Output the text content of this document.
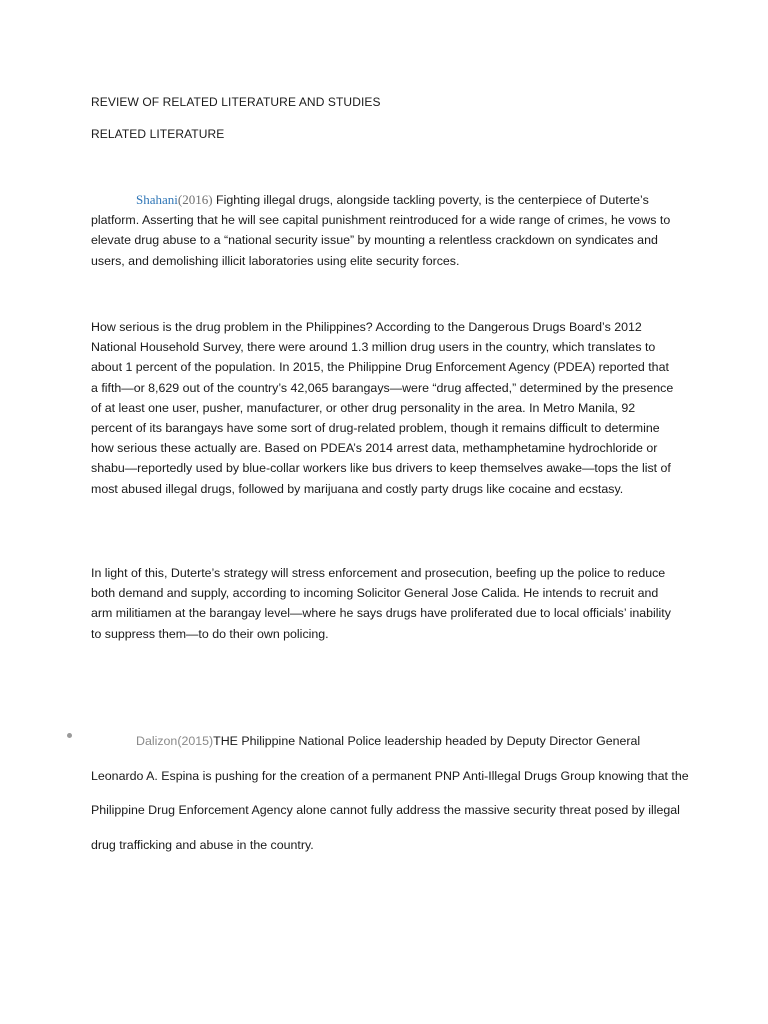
REVIEW OF RELATED LITERATURE AND STUDIES
RELATED LITERATURE
Shahani(2016) Fighting illegal drugs, alongside tackling poverty, is the centerpiece of Duterte’s platform. Asserting that he will see capital punishment reintroduced for a wide range of crimes, he vows to elevate drug abuse to a “national security issue” by mounting a relentless crackdown on syndicates and users, and demolishing illicit laboratories using elite security forces.
How serious is the drug problem in the Philippines? According to the Dangerous Drugs Board’s 2012 National Household Survey, there were around 1.3 million drug users in the country, which translates to about 1 percent of the population. In 2015, the Philippine Drug Enforcement Agency (PDEA) reported that a fifth—or 8,629 out of the country’s 42,065 barangays—were “drug affected,” determined by the presence of at least one user, pusher, manufacturer, or other drug personality in the area. In Metro Manila, 92 percent of its barangays have some sort of drug-related problem, though it remains difficult to determine how serious these actually are. Based on PDEA’s 2014 arrest data, methamphetamine hydrochloride or shabu—reportedly used by blue-collar workers like bus drivers to keep themselves awake—tops the list of most abused illegal drugs, followed by marijuana and costly party drugs like cocaine and ecstasy.
In light of this, Duterte’s strategy will stress enforcement and prosecution, beefing up the police to reduce both demand and supply, according to incoming Solicitor General Jose Calida. He intends to recruit and arm militiamen at the barangay level—where he says drugs have proliferated due to local officials’ inability to suppress them—to do their own policing.
Dalizon(2015)THE Philippine National Police leadership headed by Deputy Director General Leonardo A. Espina is pushing for the creation of a permanent PNP Anti-Illegal Drugs Group knowing that the Philippine Drug Enforcement Agency alone cannot fully address the massive security threat posed by illegal drug trafficking and abuse in the country.
